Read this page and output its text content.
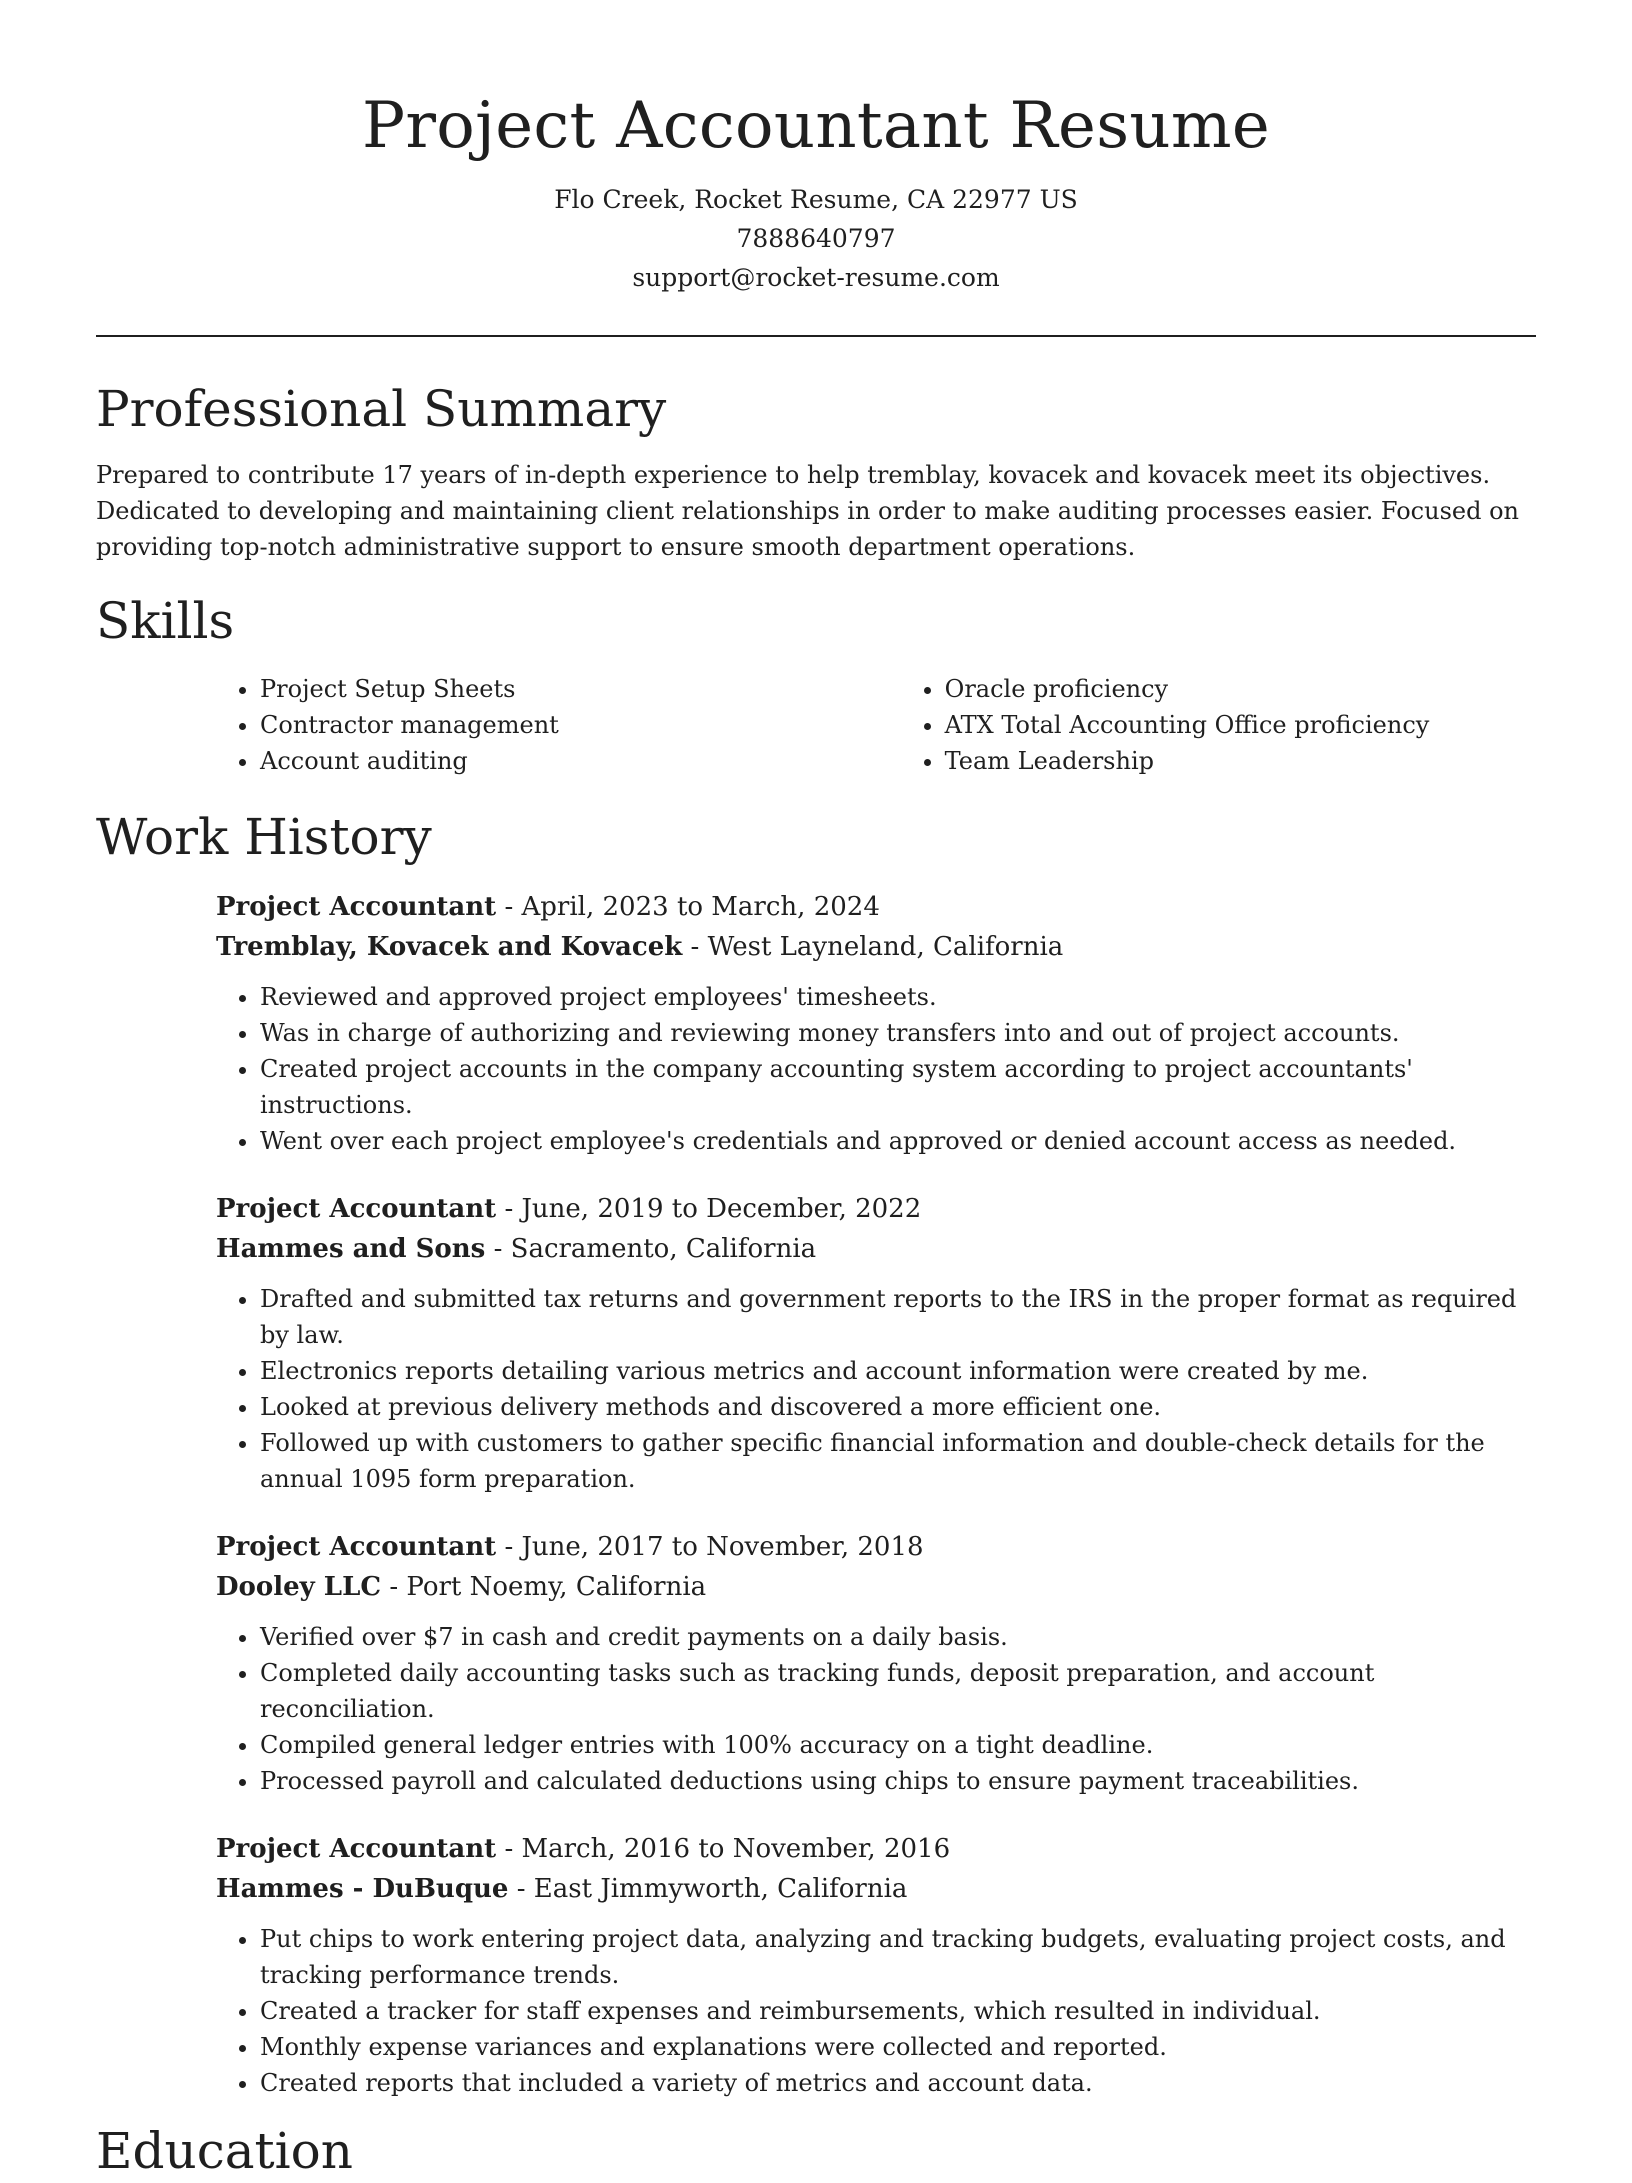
Project Accountant Resume

Flo Creek, Rocket Resume, CA 22977 US

7888640797

support@rocket-resume.com

Professional Summary

Prepared to contribute 17 years of in-depth experience to help tremblay, kovacek and kovacek meet its objectives. Dedicated to developing and maintaining client relationships in order to make auditing processes easier. Focused on providing top-notch administrative support to ensure smooth department operations.

Skills
• Project Setup Sheets
• Contractor management
• Account auditing
• Oracle proficiency
• ATX Total Accounting Office proficiency
• Team Leadership
Work History

Project Accountant - April, 2023 to March, 2024

Tremblay, Kovacek and Kovacek - West Layneland, California

• Reviewed and approved project employees' timesheets.
• Was in charge of authorizing and reviewing money transfers into and out of project accounts.
• Created project accounts in the company accounting system according to project accountants' instructions.
• Went over each project employee's credentials and approved or denied account access as needed.

Project Accountant - June, 2019 to December, 2022

Hammes and Sons - Sacramento, California

• Drafted and submitted tax returns and government reports to the IRS in the proper format as required by law.
• Electronics reports detailing various metrics and account information were created by me.
• Looked at previous delivery methods and discovered a more efficient one.
• Followed up with customers to gather specific financial information and double-check details for the annual 1095 form preparation.

Project Accountant - June, 2017 to November, 2018

Dooley LLC - Port Noemy, California

• Verified over $7 in cash and credit payments on a daily basis.
• Completed daily accounting tasks such as tracking funds, deposit preparation, and account reconciliation.
• Compiled general ledger entries with 100% accuracy on a tight deadline.
• Processed payroll and calculated deductions using chips to ensure payment traceabilities.

Project Accountant - March, 2016 to November, 2016

Hammes - DuBuque - East Jimmyworth, California

• Put chips to work entering project data, analyzing and tracking budgets, evaluating project costs, and tracking performance trends.
• Created a tracker for staff expenses and reimbursements, which resulted in individual.
• Monthly expense variances and explanations were collected and reported.
• Created reports that included a variety of metrics and account data.
Education
